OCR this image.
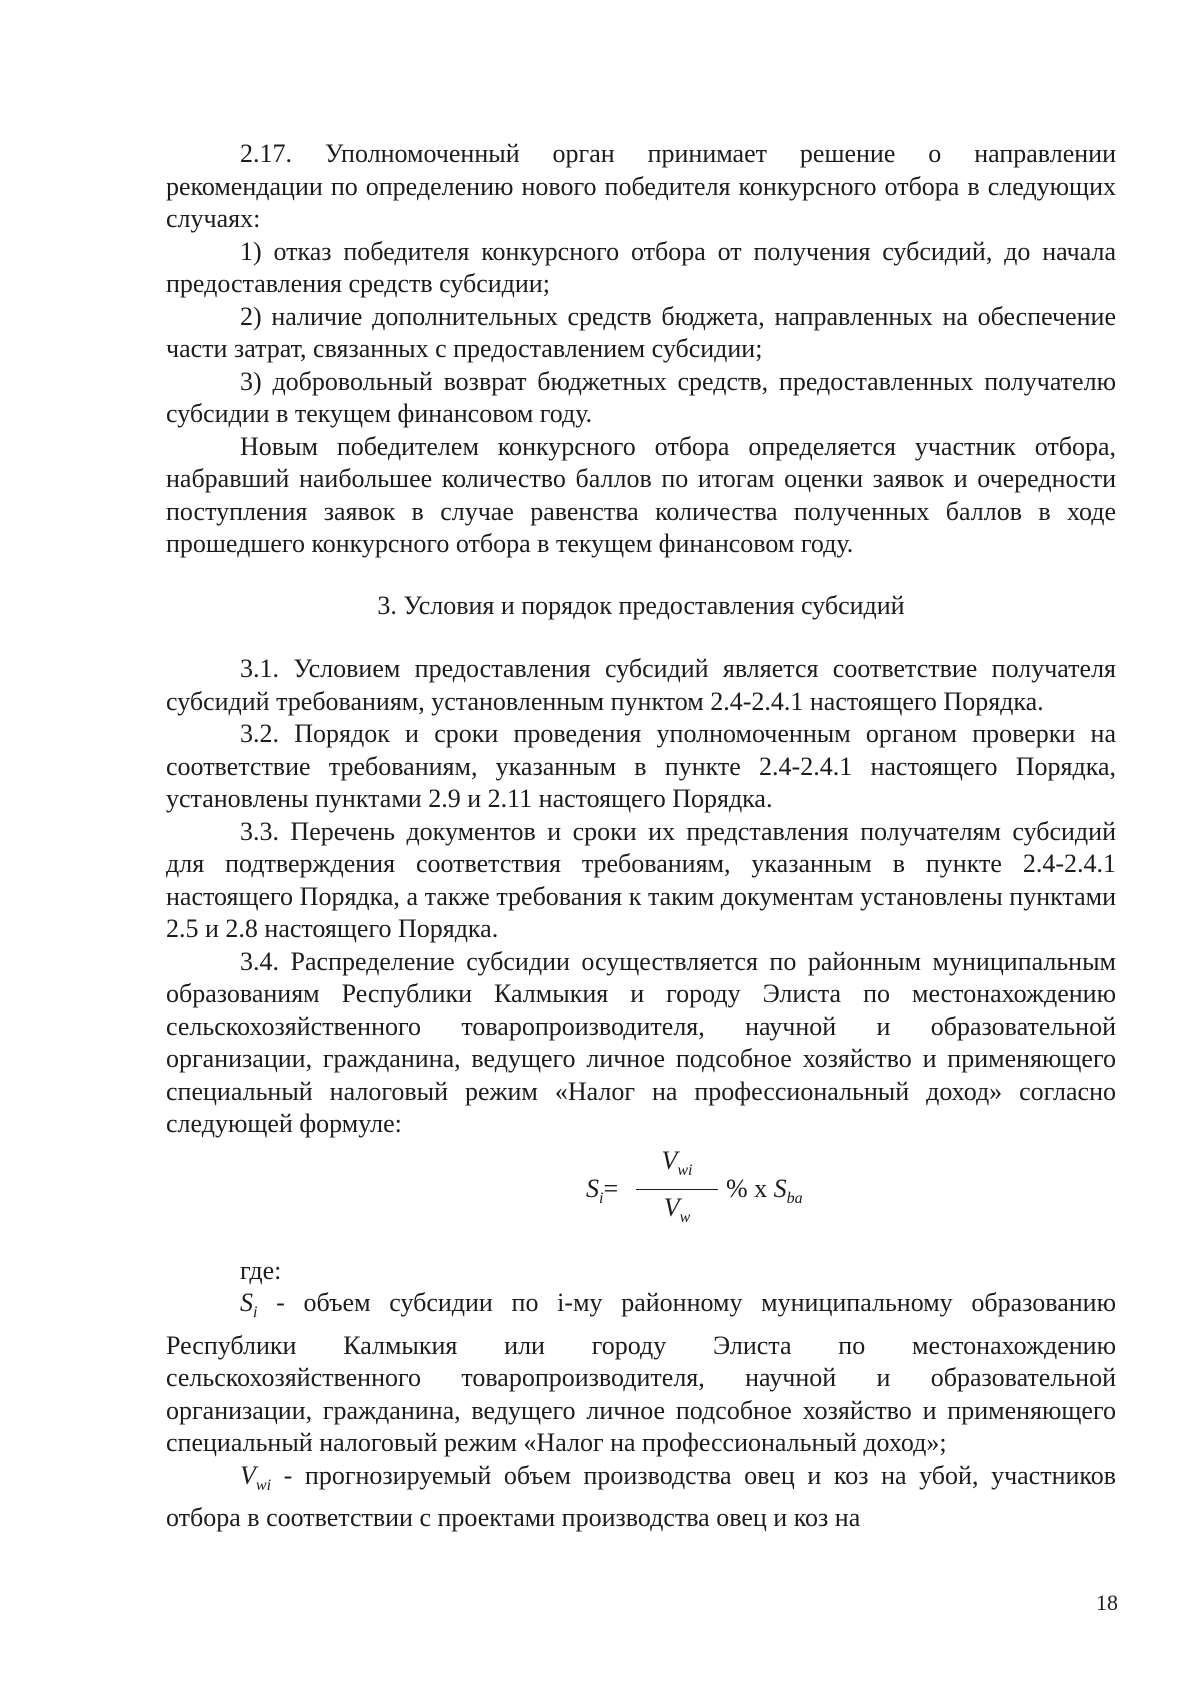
2.17. Уполномоченный орган принимает решение о направлении рекомендации по определению нового победителя конкурсного отбора в следующих случаях:

1) отказ победителя конкурсного отбора от получения субсидий, до начала предоставления средств субсидии;

2) наличие дополнительных средств бюджета, направленных на обеспечение части затрат, связанных с предоставлением субсидии;

3) добровольный возврат бюджетных средств, предоставленных получателю субсидии в текущем финансовом году.

Новым победителем конкурсного отбора определяется участник отбора, набравший наибольшее количество баллов по итогам оценки заявок и очередности поступления заявок в случае равенства количества полученных баллов в ходе прошедшего конкурсного отбора в текущем финансовом году.

3. Условия и порядок предоставления субсидий

3.1. Условием предоставления субсидий является соответствие получателя субсидий требованиям, установленным пунктом 2.4-2.4.1 настоящего Порядка.

3.2. Порядок и сроки проведения уполномоченным органом проверки на соответствие требованиям, указанным в пункте 2.4-2.4.1 настоящего Порядка, установлены пунктами 2.9 и 2.11 настоящего Порядка.

3.3. Перечень документов и сроки их представления получателям субсидий для подтверждения соответствия требованиям, указанным в пункте 2.4-2.4.1 настоящего Порядка, а также требования к таким документам установлены пунктами 2.5 и 2.8 настоящего Порядка.

3.4. Распределение субсидии осуществляется по районным муниципальным образованиям Республики Калмыкия и городу Элиста по местонахождению сельскохозяйственного товаропроизводителя, научной и образовательной организации, гражданина, ведущего личное подсобное хозяйство и применяющего специальный налоговый режим «Налог на профессиональный доход» согласно следующей формуле:

$S_i=$
$V_{wi}$
$V_w$
% x $S_{ba}$

где:

$S_i$ - объем субсидии по i-му районному муниципальному образованию Республики Калмыкия или городу Элиста по местонахождению сельскохозяйственного товаропроизводителя, научной и образовательной организации, гражданина, ведущего личное подсобное хозяйство и применяющего специальный налоговый режим «Налог на профессиональный доход»;

$V_{wi}$ - прогнозируемый объем производства овец и коз на убой, участников отбора в соответствии с проектами производства овец и коз на

18
